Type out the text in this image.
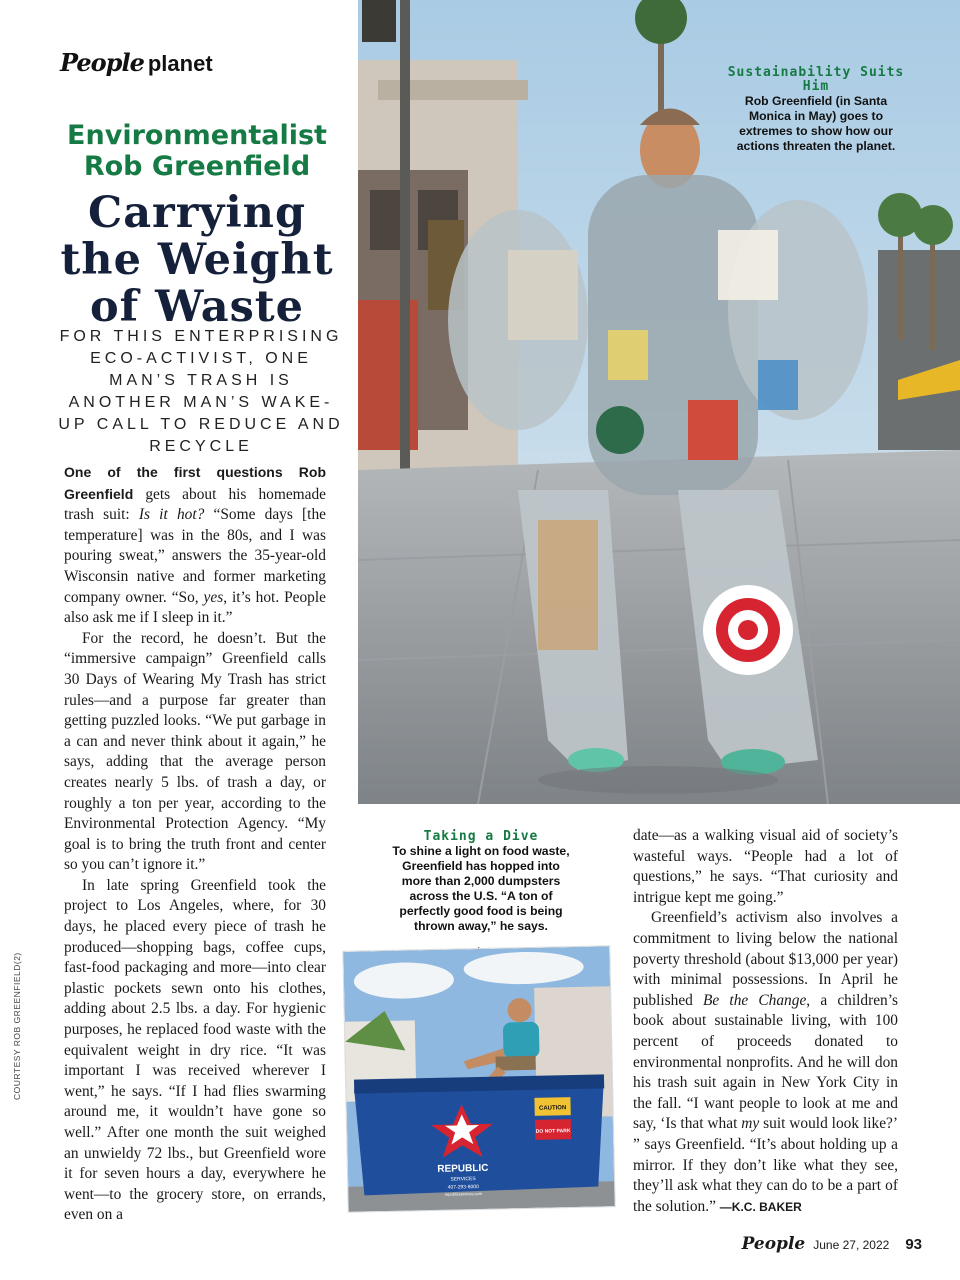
People planet	Sustainability Suits Him
Rob Greenfield (in Santa Monica in May) goes to extremes to show how our actions threaten the planet.
Environmentalist Rob Greenfield
Carrying the Weight of Waste
FOR THIS ENTERPRISING ECO-ACTIVIST, ONE MAN’S TRASH IS ANOTHER MAN’S WAKE-UP CALL TO REDUCE AND RECYCLE

One of the first questions Rob Greenfield gets about his homemade trash suit: Is it hot? “Some days [the temperature] was in the 80s, and I was pouring sweat,” answers the 35-year-old Wisconsin native and former marketing company owner. “So, yes, it’s hot. People also ask me if I sleep in it.”

For the record, he doesn’t. But the “immersive campaign” Greenfield calls 30 Days of Wearing My Trash has strict rules—and a purpose far greater than getting puzzled looks. “We put garbage in a can and never think about it again,” he says, adding that the average person creates nearly 5 lbs. of trash a day, or roughly a ton per year, according to the Environmental Protection Agency. “My goal is to bring the truth front and center so you can’t ignore it.”

In late spring Greenfield took the project to Los Angeles, where, for 30 days, he placed every piece of trash he produced—shopping bags, coffee cups, fast-food packaging and more—into clear plastic pockets sewn onto his clothes, adding about 2.5 lbs. a day. For hygienic purposes, he replaced food waste with the equivalent weight in dry rice. “It was important I was received wherever I went,” he says. “If I had flies swarming around me, it wouldn’t have gone so well.” After one month the suit weighed an unwieldy 72 lbs., but Greenfield wore it for seven hours a day, everywhere he went—to the grocery store, on errands, even on a

Taking a Dive
To shine a light on food waste, Greenfield has hopped into more than 2,000 dumpsters across the U.S. “A ton of perfectly good food is being thrown away,” he says.
REPUBLIC
SERVICES
407-293-8000
republicservices.com
CAUTION
DO NOT PARK

date—as a walking visual aid of society’s wasteful ways. “People had a lot of questions,” he says. “That curiosity and intrigue kept me going.”

Greenfield’s activism also involves a commitment to living below the national poverty threshold (about $13,000 per year) with minimal possessions. In April he published Be the Change, a children’s book about sustainable living, with 100 percent of proceeds donated to environmental nonprofits. And he will don his trash suit again in New York City in the fall. “I want people to look at me and say, ‘Is that what my suit would look like?’ ” says Greenfield. “It’s about holding up a mirror. If they don’t like what they see, they’ll ask what they can do to be a part of the solution.” —K.C. BAKER

COURTESY ROB GREENFIELD(2)
People June 27, 2022 93
